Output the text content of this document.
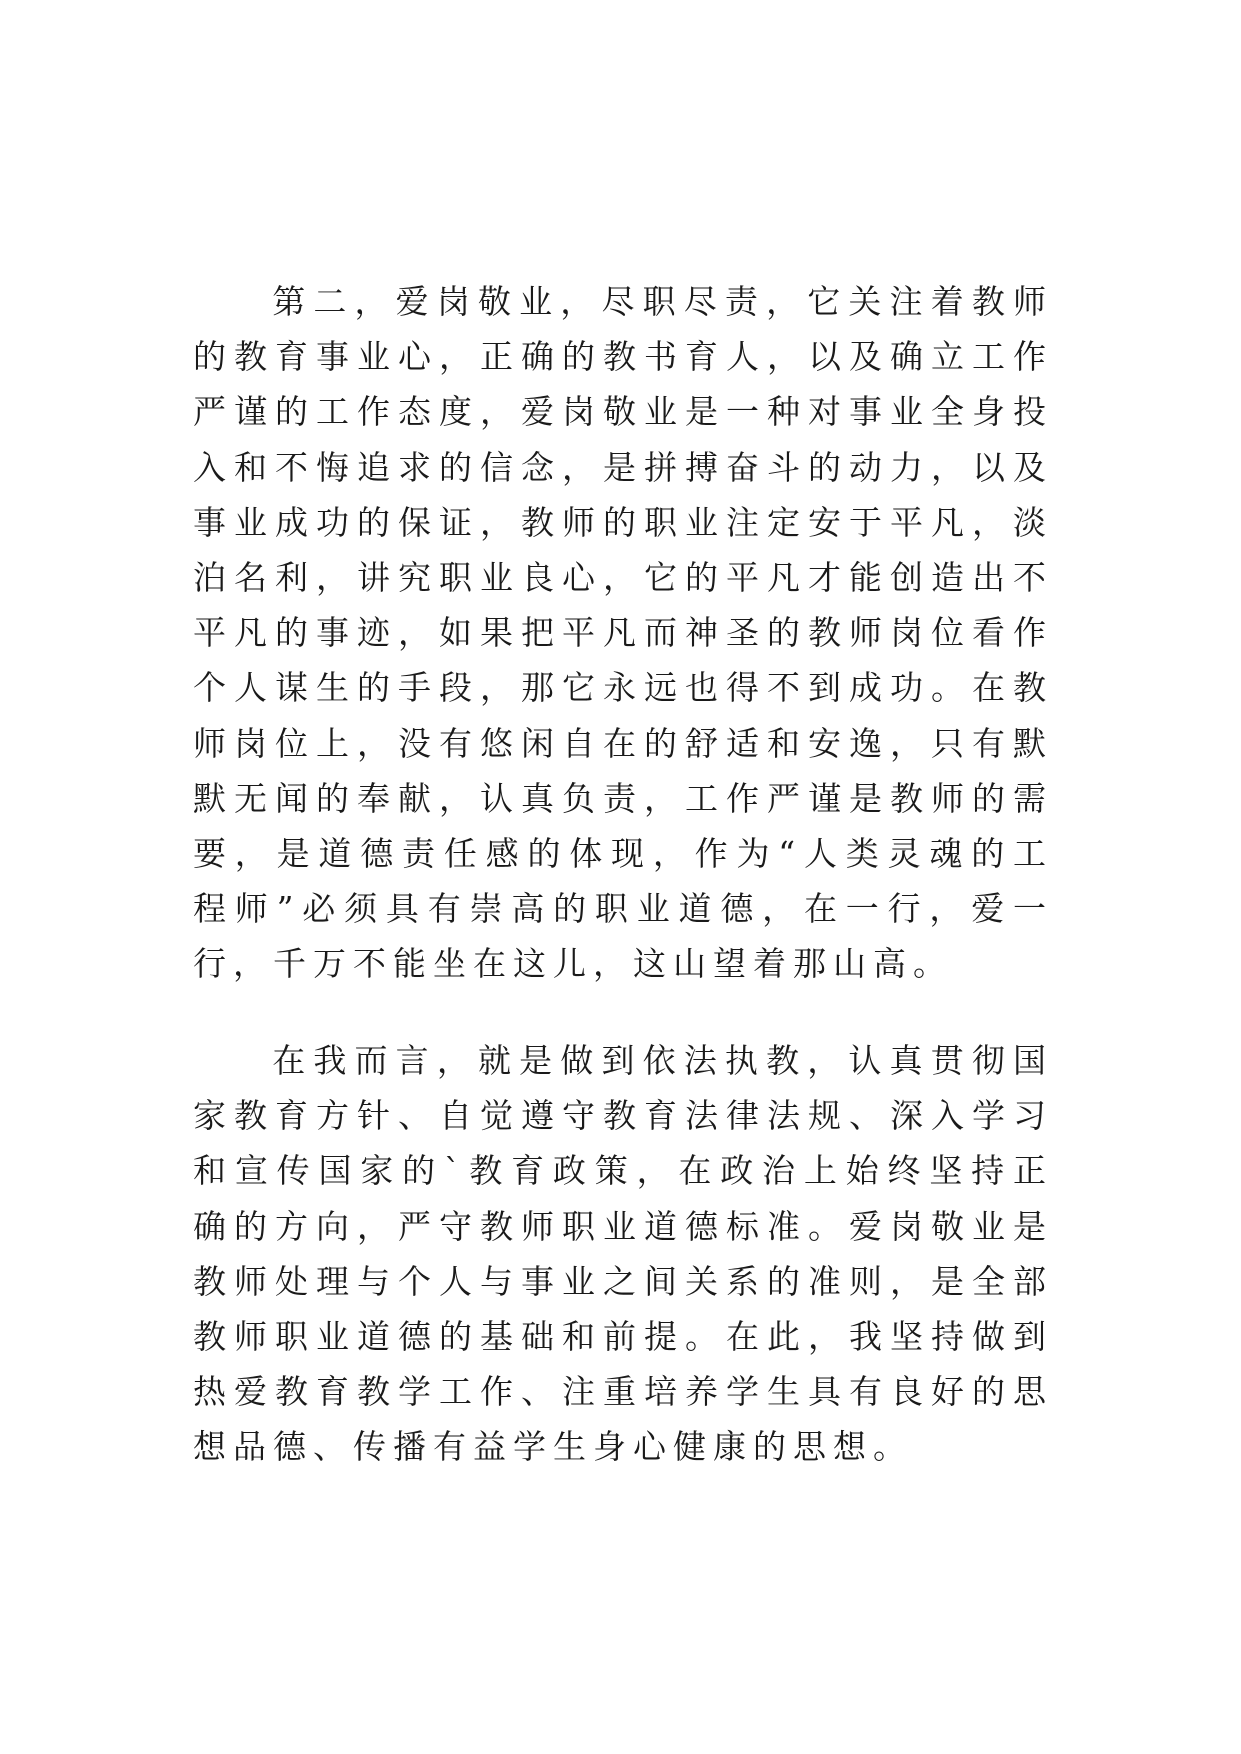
第二，爱岗敬业，尽职尽责，它关注着教师的教育事业心，正确的教书育人，以及确立工作严谨的工作态度，爱岗敬业是一种对事业全身投入和不悔追求的信念，是拼搏奋斗的动力，以及事业成功的保证，教师的职业注定安于平凡，淡泊名利，讲究职业良心，它的平凡才能创造出不平凡的事迹，如果把平凡而神圣的教师岗位看作个人谋生的手段，那它永远也得不到成功。在教师岗位上，没有悠闲自在的舒适和安逸，只有默默无闻的奉献，认真负责，工作严谨是教师的需要，是道德责任感的体现，作为“人类灵魂的工程师”必须具有崇高的职业道德，在一行，爱一行，千万不能坐在这儿，这山望着那山高。

在我而言，就是做到依法执教，认真贯彻国家教育方针、自觉遵守教育法律法规、深入学习和宣传国家的`教育政策，在政治上始终坚持正确的方向，严守教师职业道德标准。爱岗敬业是教师处理与个人与事业之间关系的准则，是全部教师职业道德的基础和前提。在此，我坚持做到热爱教育教学工作、注重培养学生具有良好的思想品德、传播有益学生身心健康的思想。
